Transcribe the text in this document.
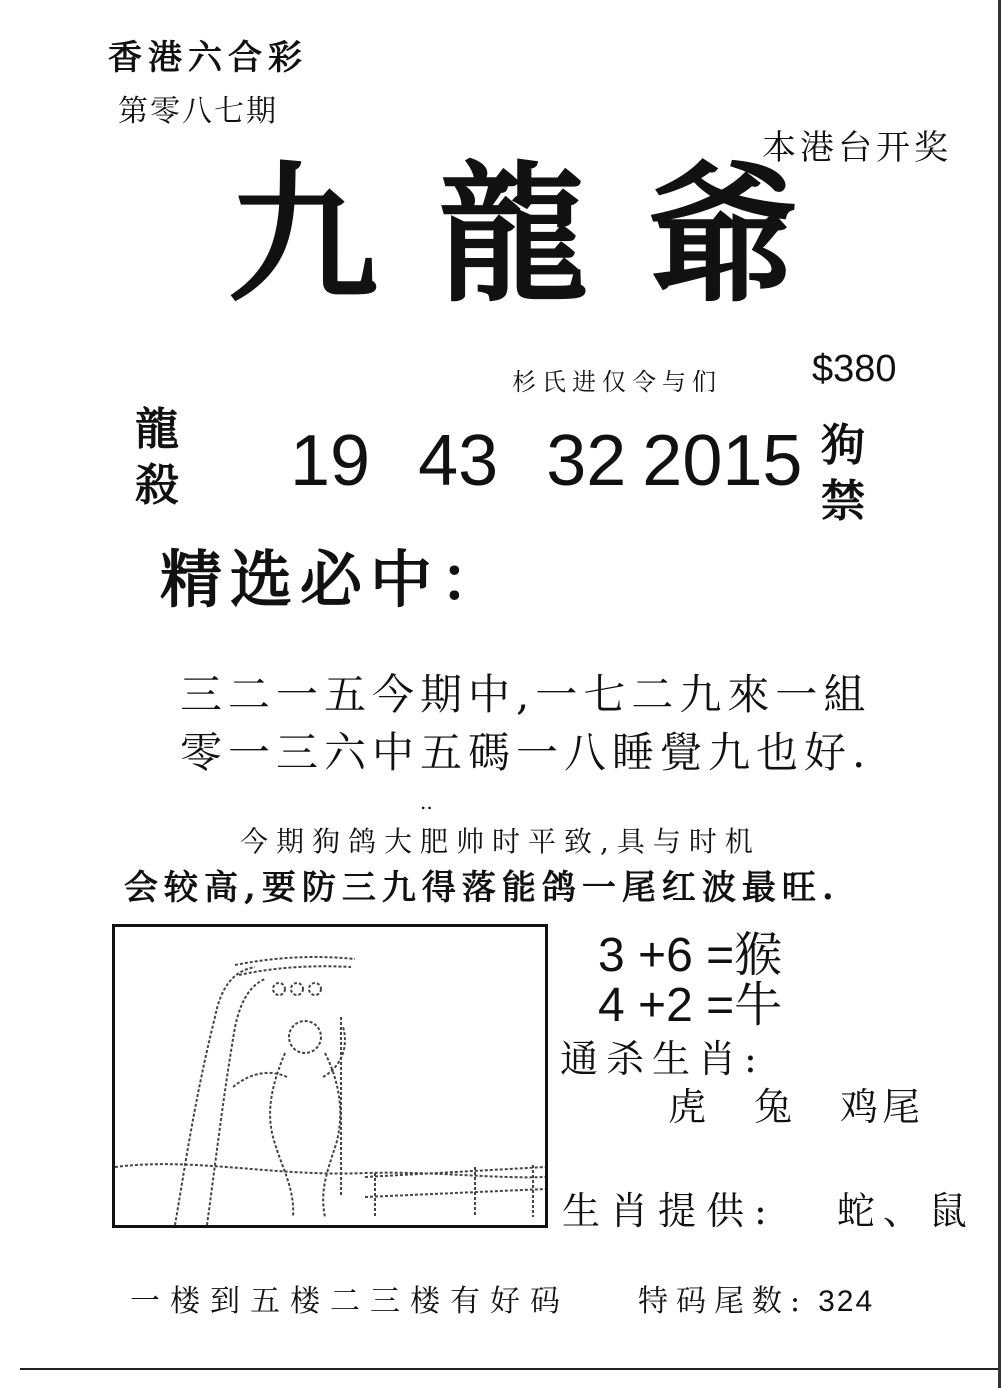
香港六合彩
第零八七期
本港台开奖
九龍爺
杉氏进仅令与们 $380
龍殺
狗禁
19 43 32 2015
精选必中：
三二一五今期中,一七二九來一組
零一三六中五碼一八睡覺九也好.
..
今期狗鸽大肥帅时平致,具与时机
会较高,要防三九得落能鸽一尾红波最旺.
3 +6 =猴
4 +2 =牛
通杀生肖:
虎 兔 鸡尾
生肖提供: 蛇、鼠
一楼到五楼二三楼有好码 特码尾数: 324
